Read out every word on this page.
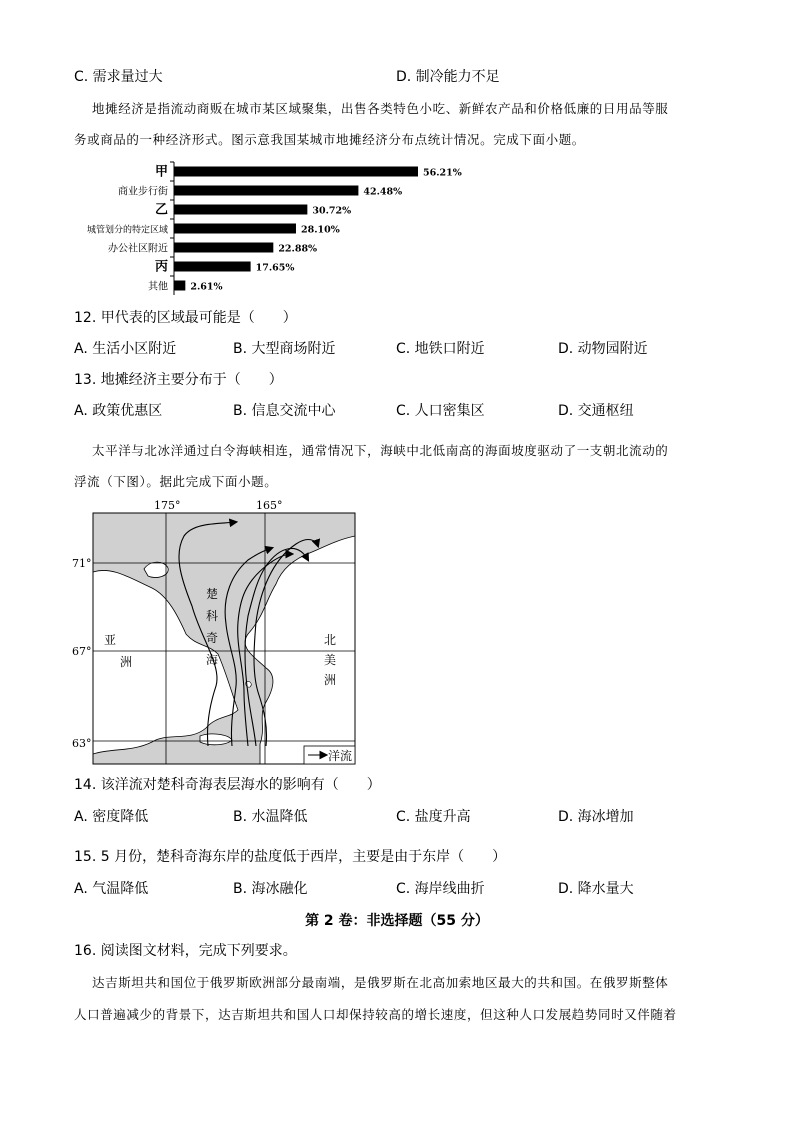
C. 需求量过大	D. 制冷能力不足
地摊经济是指流动商贩在城市某区域聚集，出售各类特色小吃、新鲜农产品和价格低廉的日用品等服
务或商品的一种经济形式。图示意我国某城市地摊经济分布点统计情况。完成下面小题。
甲	56.21%
商业步行街	42.48%
乙	30.72%
城管划分的特定区域	28.10%
办公社区附近	22.88%
丙	17.65%
其他 2.61%
12. 甲代表的区域最可能是（　　）
A. 生活小区附近	B. 大型商场附近	C. 地铁口附近	D. 动物园附近
13. 地摊经济主要分布于（　　）
A. 政策优惠区	B. 信息交流中心	C. 人口密集区	D. 交通枢纽
太平洋与北冰洋通过白令海峡相连，通常情况下，海峡中北低南高的海面坡度驱动了一支朝北流动的
浮流（下图）。据此完成下面小题。
洋流
175°	165°
71°
67°
63°
楚
科
奇
海
亚
洲
北
美
洲
14. 该洋流对楚科奇海表层海水的影响有（　　）
A. 密度降低	B. 水温降低	C. 盐度升高	D. 海冰增加
15. 5 月份，楚科奇海东岸的盐度低于西岸，主要是由于东岸（　　）
A. 气温降低	B. 海冰融化	C. 海岸线曲折	D. 降水量大
第 2 卷：非选择题（55 分）
16. 阅读图文材料，完成下列要求。
达吉斯坦共和国位于俄罗斯欧洲部分最南端，是俄罗斯在北高加索地区最大的共和国。在俄罗斯整体
人口普遍减少的背景下，达吉斯坦共和国人口却保持较高的增长速度，但这种人口发展趋势同时又伴随着
